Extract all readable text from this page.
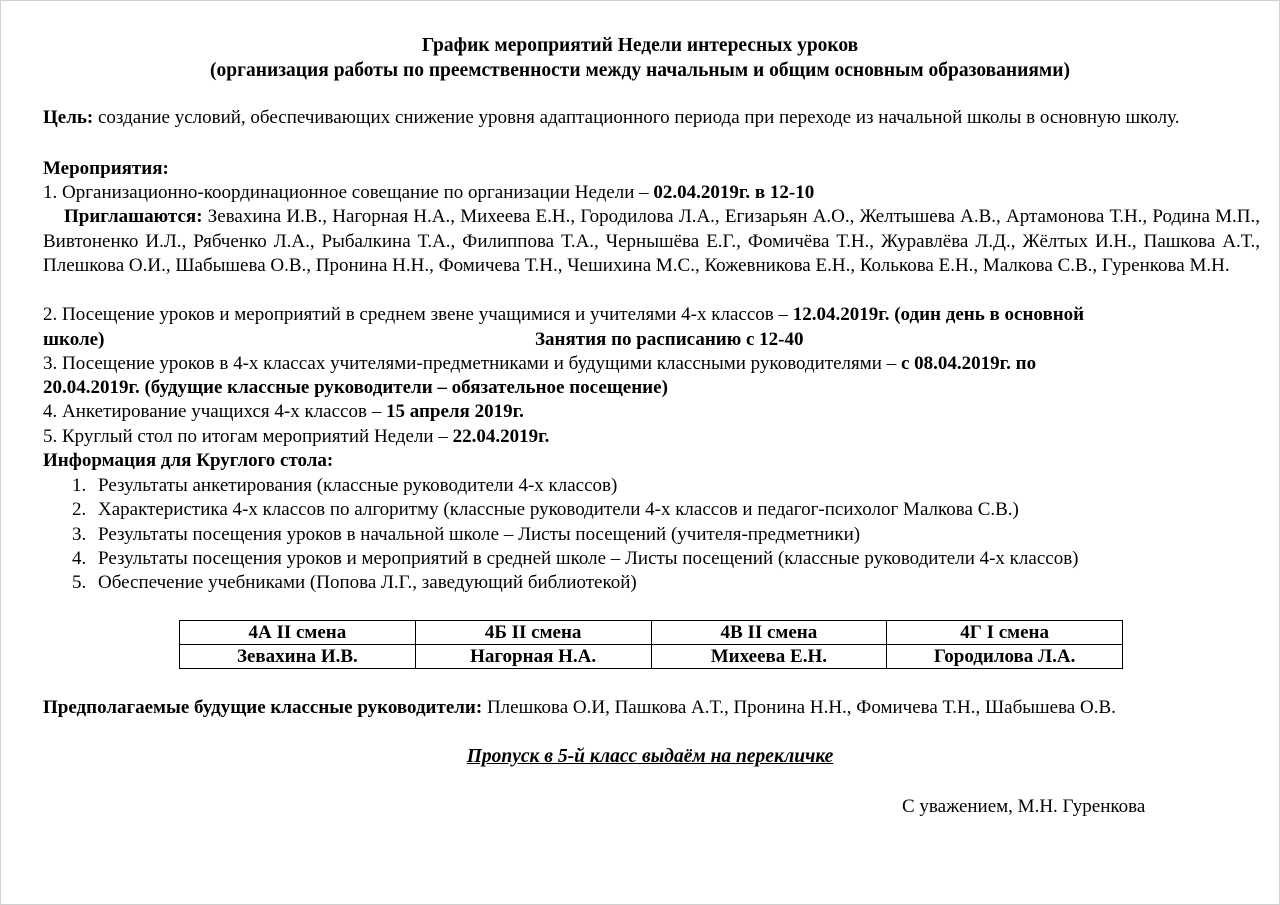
График мероприятий Недели интересных уроков
(организация работы по преемственности между начальным и общим основным образованиями)
Цель: создание условий, обеспечивающих снижение уровня адаптационного периода при переходе из начальной школы в основную школу.
Мероприятия:
1. Организационно-координационное совещание по организации Недели – 02.04.2019г. в 12-10
Приглашаются: Зевахина И.В., Нагорная Н.А., Михеева Е.Н., Городилова Л.А., Егизарьян А.О., Желтышева А.В., Артамонова Т.Н., Родина М.П., Вивтоненко И.Л., Рябченко Л.А., Рыбалкина Т.А., Филиппова Т.А., Чернышёва Е.Г., Фомичёва Т.Н., Журавлёва Л.Д., Жёлтых И.Н., Пашкова А.Т., Плешкова О.И., Шабышева О.В., Пронина Н.Н., Фомичева Т.Н., Чешихина М.С., Кожевникова Е.Н., Колькова Е.Н., Малкова С.В., Гуренкова М.Н.
2. Посещение уроков и мероприятий в среднем звене учащимися и учителями 4-х классов – 12.04.2019г. (один день в основной
школе)	Занятия по расписанию с 12-40
3. Посещение уроков в 4-х классах учителями-предметниками и будущими классными руководителями – с 08.04.2019г. по
20.04.2019г. (будущие классные руководители – обязательное посещение)
4. Анкетирование учащихся 4-х классов – 15 апреля 2019г.
5. Круглый стол по итогам мероприятий Недели – 22.04.2019г.
Информация для Круглого стола:
1. Результаты анкетирования (классные руководители 4-х классов)
2. Характеристика 4-х классов по алгоритму (классные руководители 4-х классов и педагог-психолог Малкова С.В.)
3. Результаты посещения уроков в начальной школе – Листы посещений (учителя-предметники)
4. Результаты посещения уроков и мероприятий в средней школе – Листы посещений (классные руководители 4-х классов)
5. Обеспечение учебниками (Попова Л.Г., заведующий библиотекой)
4А II смена	4Б II смена	4В II смена	4Г I смена
Зевахина И.В.	Нагорная Н.А.	Михеева Е.Н.	Городилова Л.А.
Предполагаемые будущие классные руководители: Плешкова О.И, Пашкова А.Т., Пронина Н.Н., Фомичева Т.Н., Шабышева О.В.
Пропуск в 5-й класс выдаём на перекличке
С уважением, М.Н. Гуренкова
